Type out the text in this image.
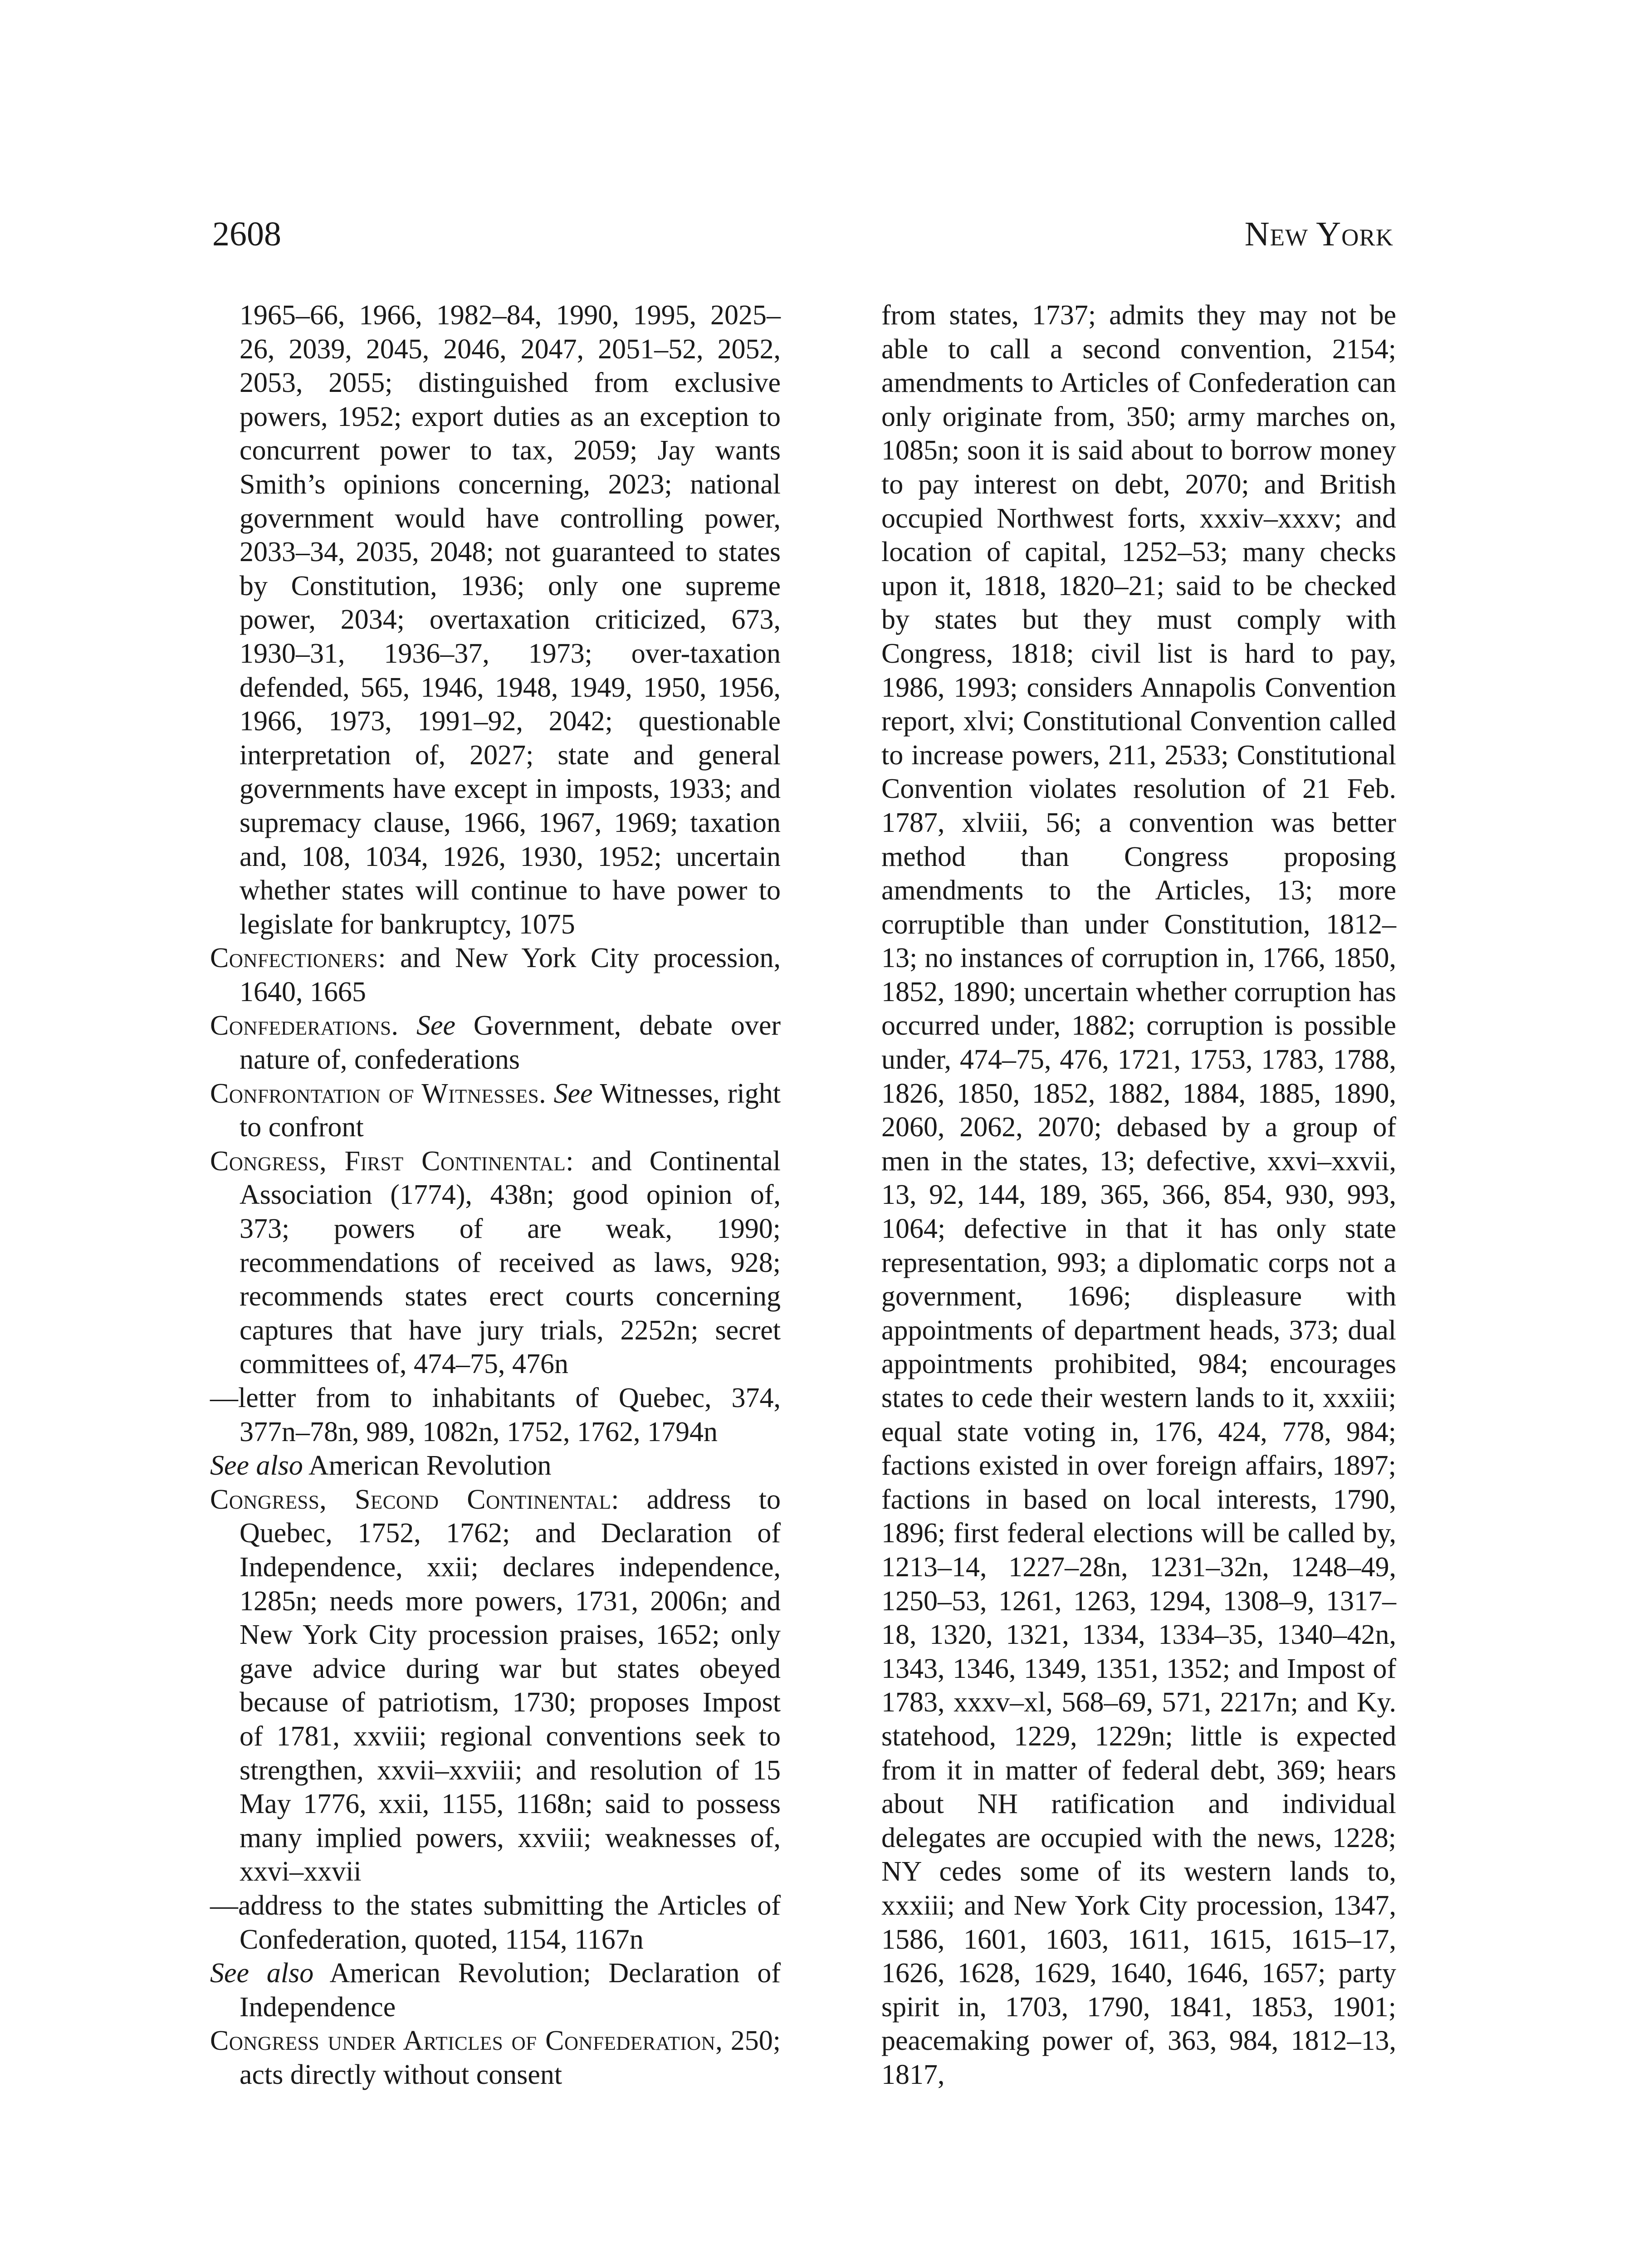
2608	New York

1965–66, 1966, 1982–84, 1990, 1995, 2025–26, 2039, 2045, 2046, 2047, 2051–52, 2052, 2053, 2055; distinguished from exclusive powers, 1952; export duties as an exception to concurrent power to tax, 2059; Jay wants Smith’s opinions concerning, 2023; national government would have controlling power, 2033–34, 2035, 2048; not guaranteed to states by Constitution, 1936; only one supreme power, 2034; overtaxation criticized, 673, 1930–31, 1936–37, 1973; over-taxation defended, 565, 1946, 1948, 1949, 1950, 1956, 1966, 1973, 1991–92, 2042; questionable interpretation of, 2027; state and general governments have except in imposts, 1933; and supremacy clause, 1966, 1967, 1969; taxation and, 108, 1034, 1926, 1930, 1952; uncertain whether states will continue to have power to legislate for bankruptcy, 1075

Confectioners: and New York City procession, 1640, 1665

Confederations. See Government, debate over nature of, confederations

Confrontation of Witnesses. See Witnesses, right to confront

Congress, First Continental: and Continental Association (1774), 438n; good opinion of, 373; powers of are weak, 1990; recommendations of received as laws, 928; recommends states erect courts concerning captures that have jury trials, 2252n; secret committees of, 474–75, 476n

—letter from to inhabitants of Quebec, 374, 377n–78n, 989, 1082n, 1752, 1762, 1794n

See also American Revolution

Congress, Second Continental: address to Quebec, 1752, 1762; and Declaration of Independence, xxii; declares independence, 1285n; needs more powers, 1731, 2006n; and New York City procession praises, 1652; only gave advice during war but states obeyed because of patriotism, 1730; proposes Impost of 1781, xxviii; regional conventions seek to strengthen, xxvii–xxviii; and resolution of 15 May 1776, xxii, 1155, 1168n; said to possess many implied powers, xxviii; weaknesses of, xxvi–xxvii

—address to the states submitting the Articles of Confederation, quoted, 1154, 1167n

See also American Revolution; Declaration of Independence

Congress under Articles of Confederation, 250; acts directly without consent

from states, 1737; admits they may not be able to call a second convention, 2154; amendments to Articles of Confederation can only originate from, 350; army marches on, 1085n; soon it is said about to borrow money to pay interest on debt, 2070; and British occupied Northwest forts, xxxiv–xxxv; and location of capital, 1252–53; many checks upon it, 1818, 1820–21; said to be checked by states but they must comply with Congress, 1818; civil list is hard to pay, 1986, 1993; considers Annapolis Convention report, xlvi; Constitutional Convention called to increase powers, 211, 2533; Constitutional Convention violates resolution of 21 Feb. 1787, xlviii, 56; a convention was better method than Congress proposing amendments to the Articles, 13; more corruptible than under Constitution, 1812–13; no instances of corruption in, 1766, 1850, 1852, 1890; uncertain whether corruption has occurred under, 1882; corruption is possible under, 474–75, 476, 1721, 1753, 1783, 1788, 1826, 1850, 1852, 1882, 1884, 1885, 1890, 2060, 2062, 2070; debased by a group of men in the states, 13; defective, xxvi–xxvii, 13, 92, 144, 189, 365, 366, 854, 930, 993, 1064; defective in that it has only state representation, 993; a diplomatic corps not a government, 1696; displeasure with appointments of department heads, 373; dual appointments prohibited, 984; encourages states to cede their western lands to it, xxxiii; equal state voting in, 176, 424, 778, 984; factions existed in over foreign affairs, 1897; factions in based on local interests, 1790, 1896; first federal elections will be called by, 1213–14, 1227–28n, 1231–32n, 1248–49, 1250–53, 1261, 1263, 1294, 1308–9, 1317–18, 1320, 1321, 1334, 1334–35, 1340–42n, 1343, 1346, 1349, 1351, 1352; and Impost of 1783, xxxv–xl, 568–69, 571, 2217n; and Ky. statehood, 1229, 1229n; little is expected from it in matter of federal debt, 369; hears about NH ratification and individual delegates are occupied with the news, 1228; NY cedes some of its western lands to, xxxiii; and New York City procession, 1347, 1586, 1601, 1603, 1611, 1615, 1615–17, 1626, 1628, 1629, 1640, 1646, 1657; party spirit in, 1703, 1790, 1841, 1853, 1901; peacemaking power of, 363, 984, 1812–13, 1817,
